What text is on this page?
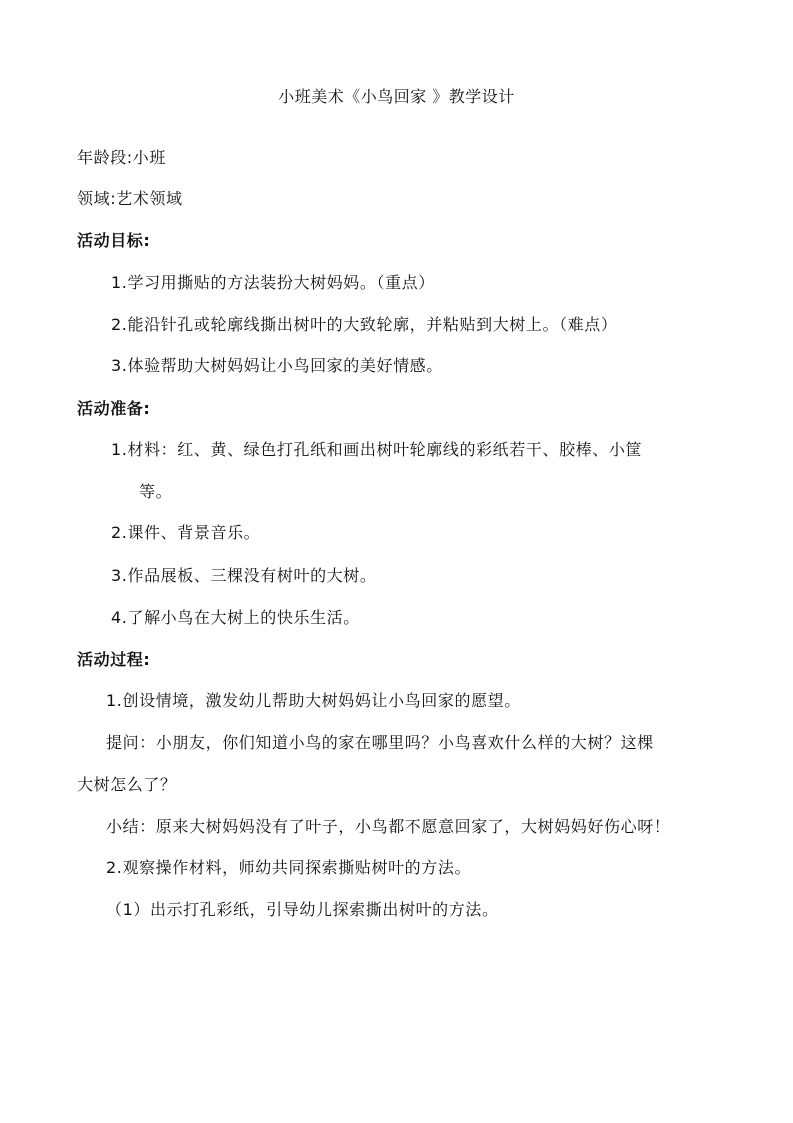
小班美术《小鸟回家 》教学设计
年龄段:小班
领域:艺术领域
活动目标:
1.学习用撕贴的方法装扮大树妈妈。（重点）
2.能沿针孔或轮廓线撕出树叶的大致轮廓，并粘贴到大树上。（难点）
3.体验帮助大树妈妈让小鸟回家的美好情感。
活动准备:
1.材料：红、黄、绿色打孔纸和画出树叶轮廓线的彩纸若干、胶棒、小筐
等。
2.课件、背景音乐。
3.作品展板、三棵没有树叶的大树。
4.了解小鸟在大树上的快乐生活。
活动过程:
1.创设情境，激发幼儿帮助大树妈妈让小鸟回家的愿望。
提问：小朋友，你们知道小鸟的家在哪里吗？小鸟喜欢什么样的大树？这棵
大树怎么了？
小结：原来大树妈妈没有了叶子，小鸟都不愿意回家了，大树妈妈好伤心呀！
2.观察操作材料，师幼共同探索撕贴树叶的方法。
（1）出示打孔彩纸，引导幼儿探索撕出树叶的方法。
